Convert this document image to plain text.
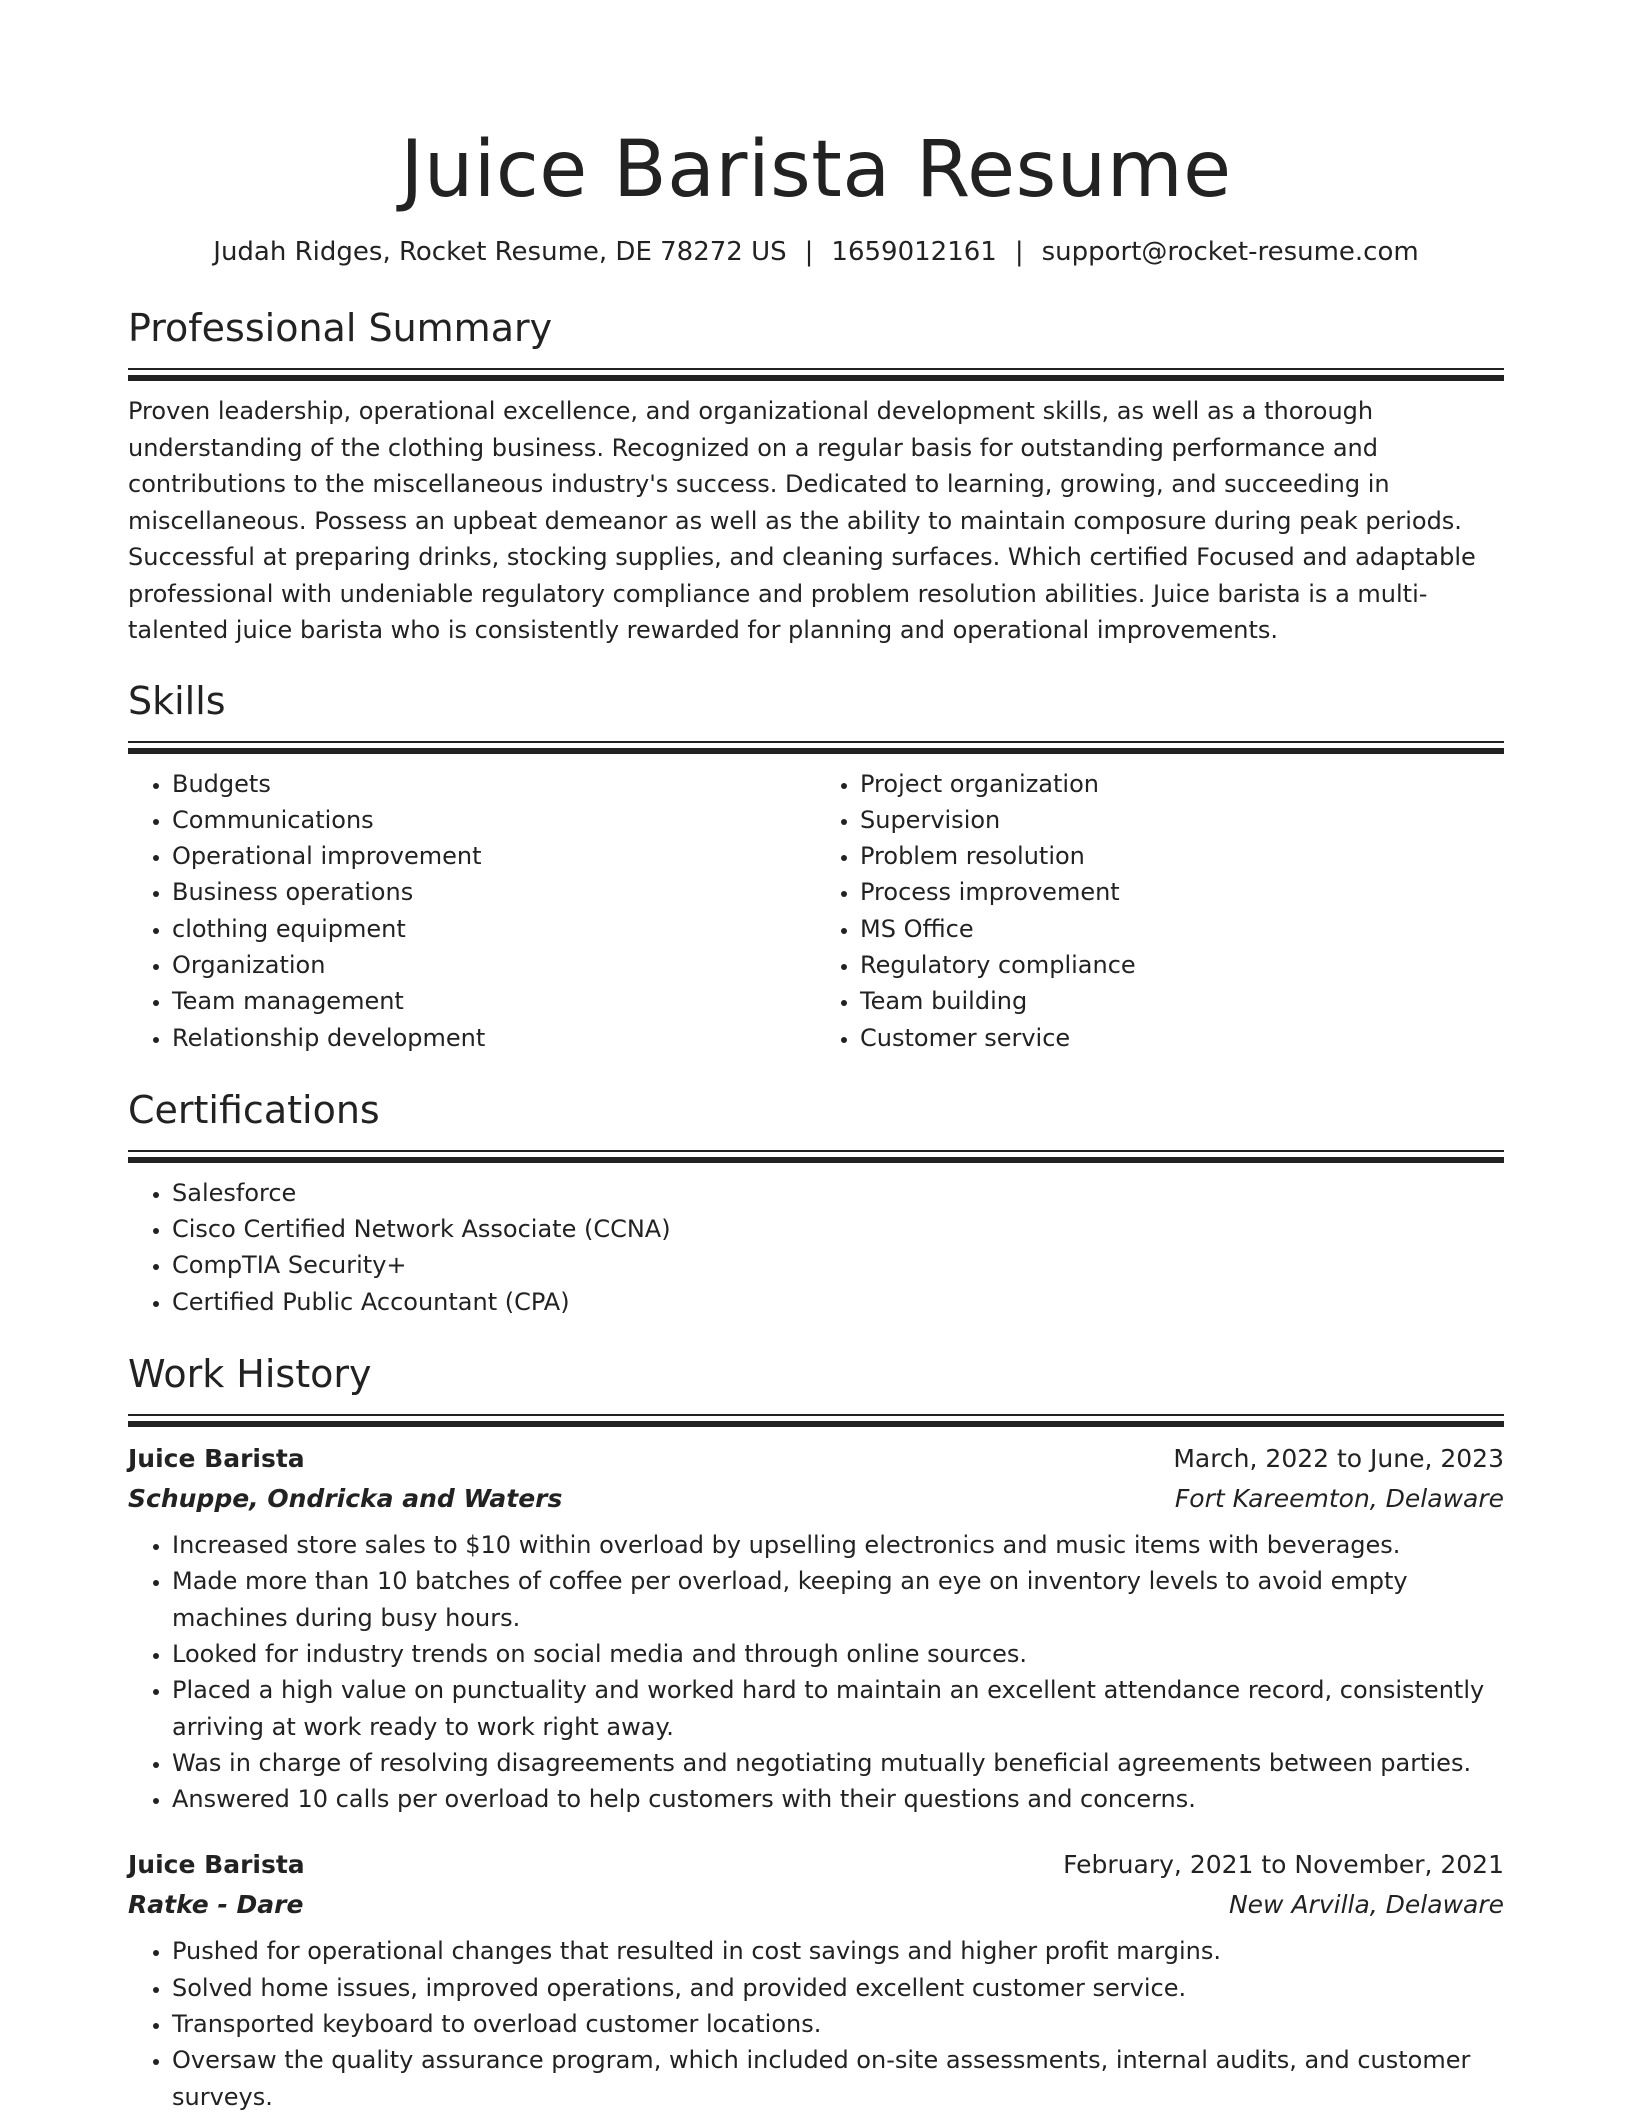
Juice Barista Resume
Judah Ridges, Rocket Resume, DE 78272 US | 1659012161 | support@rocket-resume.com
Professional Summary

Proven leadership, operational excellence, and organizational development skills, as well as a thorough understanding of the clothing business. Recognized on a regular basis for outstanding performance and contributions to the miscellaneous industry's success. Dedicated to learning, growing, and succeeding in miscellaneous. Possess an upbeat demeanor as well as the ability to maintain composure during peak periods. Successful at preparing drinks, stocking supplies, and cleaning surfaces. Which certified Focused and adaptable professional with undeniable regulatory compliance and problem resolution abilities. Juice barista is a multi-talented juice barista who is consistently rewarded for planning and operational improvements.

Skills
• Budgets
• Communications
• Operational improvement
• Business operations
• clothing equipment
• Organization
• Team management
• Relationship development
• Project organization
• Supervision
• Problem resolution
• Process improvement
• MS Office
• Regulatory compliance
• Team building
• Customer service
Certifications
• Salesforce
• Cisco Certified Network Associate (CCNA)
• CompTIA Security+
• Certified Public Accountant (CPA)
Work History
Juice Barista	March, 2022 to June, 2023
Schuppe, Ondricka and Waters	Fort Kareemton, Delaware
• Increased store sales to $10 within overload by upselling electronics and music items with beverages.
• Made more than 10 batches of coffee per overload, keeping an eye on inventory levels to avoid empty machines during busy hours.
• Looked for industry trends on social media and through online sources.
• Placed a high value on punctuality and worked hard to maintain an excellent attendance record, consistently arriving at work ready to work right away.
• Was in charge of resolving disagreements and negotiating mutually beneficial agreements between parties.
• Answered 10 calls per overload to help customers with their questions and concerns.
Juice Barista	February, 2021 to November, 2021
Ratke - Dare	New Arvilla, Delaware
• Pushed for operational changes that resulted in cost savings and higher profit margins.
• Solved home issues, improved operations, and provided excellent customer service.
• Transported keyboard to overload customer locations.
• Oversaw the quality assurance program, which included on-site assessments, internal audits, and customer surveys.
